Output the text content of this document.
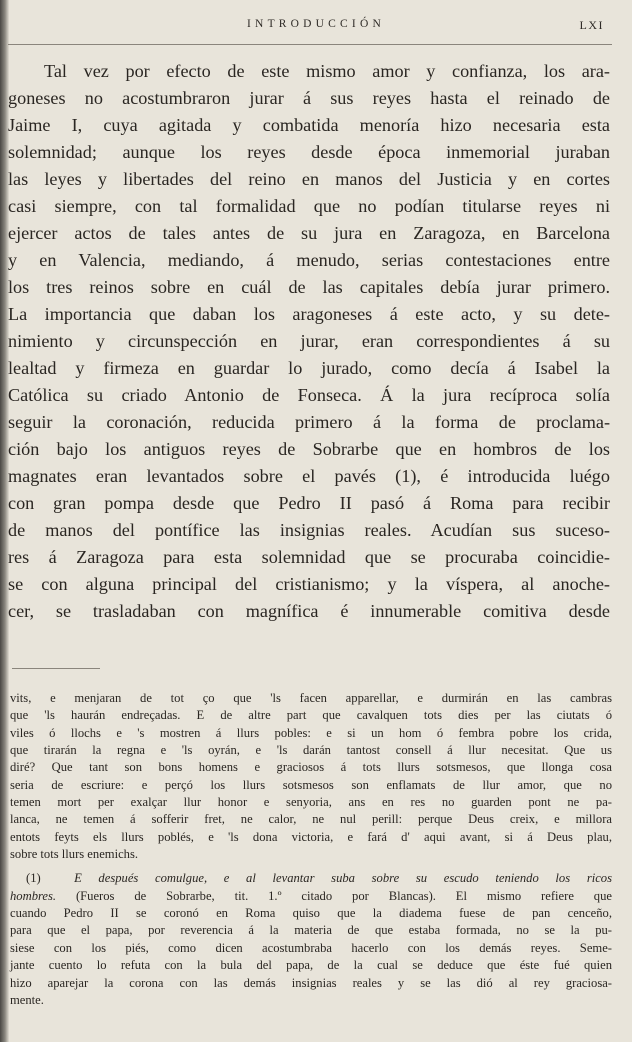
INTRODUCCIÓN	LXI
Tal vez por efecto de este mismo amor y confianza, los ara-
goneses no acostumbraron jurar á sus reyes hasta el reinado de
Jaime I, cuya agitada y combatida menoría hizo necesaria esta
solemnidad; aunque los reyes desde época inmemorial juraban
las leyes y libertades del reino en manos del Justicia y en cortes
casi siempre, con tal formalidad que no podían titularse reyes ni
ejercer actos de tales antes de su jura en Zaragoza, en Barcelona
y en Valencia, mediando, á menudo, serias contestaciones entre
los tres reinos sobre en cuál de las capitales debía jurar primero.
La importancia que daban los aragoneses á este acto, y su dete-
nimiento y circunspección en jurar, eran correspondientes á su
lealtad y firmeza en guardar lo jurado, como decía á Isabel la
Católica su criado Antonio de Fonseca. Á la jura recíproca solía
seguir la coronación, reducida primero á la forma de proclama-
ción bajo los antiguos reyes de Sobrarbe que en hombros de los
magnates eran levantados sobre el pavés (1), é introducida luégo
con gran pompa desde que Pedro II pasó á Roma para recibir
de manos del pontífice las insignias reales. Acudían sus suceso-
res á Zaragoza para esta solemnidad que se procuraba coincidie-
se con alguna principal del cristianismo; y la víspera, al anoche-
cer, se trasladaban con magnífica é innumerable comitiva desde
vits, e menjaran de tot ço que 'ls facen apparellar, e durmirán en las cambras
que 'ls haurán endreçadas. E de altre part que cavalquen tots dies per las ciutats ó
viles ó llochs e 's mostren á llurs pobles: e si un hom ó fembra pobre los crida,
que tirarán la regna e 'ls oyrán, e 'ls darán tantost consell á llur necesitat. Que us
diré? Que tant son bons homens e graciosos á tots llurs sotsmesos, que llonga cosa
seria de escriure: e perçó los llurs sotsmesos son enflamats de llur amor, que no
temen mort per exalçar llur honor e senyoria, ans en res no guarden pont ne pa-
lanca, ne temen á sofferir fret, ne calor, ne nul perill: perque Deus creix, e millora
entots feyts els llurs poblés, e 'ls dona victoria, e fará d' aqui avant, si á Deus plau,
sobre tots llurs enemichs.
(1)	E después comulgue, e al levantar suba sobre su escudo teniendo los ricos
hombres. (Fueros de Sobrarbe, tit. 1.º citado por Blancas). El mismo refiere que
cuando Pedro II se coronó en Roma quiso que la diadema fuese de pan cenceño,
para que el papa, por reverencia á la materia de que estaba formada, no se la pu-
siese con los piés, como dicen acostumbraba hacerlo con los demás reyes. Seme-
jante cuento lo refuta con la bula del papa, de la cual se deduce que éste fué quien
hizo aparejar la corona con las demás insignias reales y se las dió al rey graciosa-
mente.
